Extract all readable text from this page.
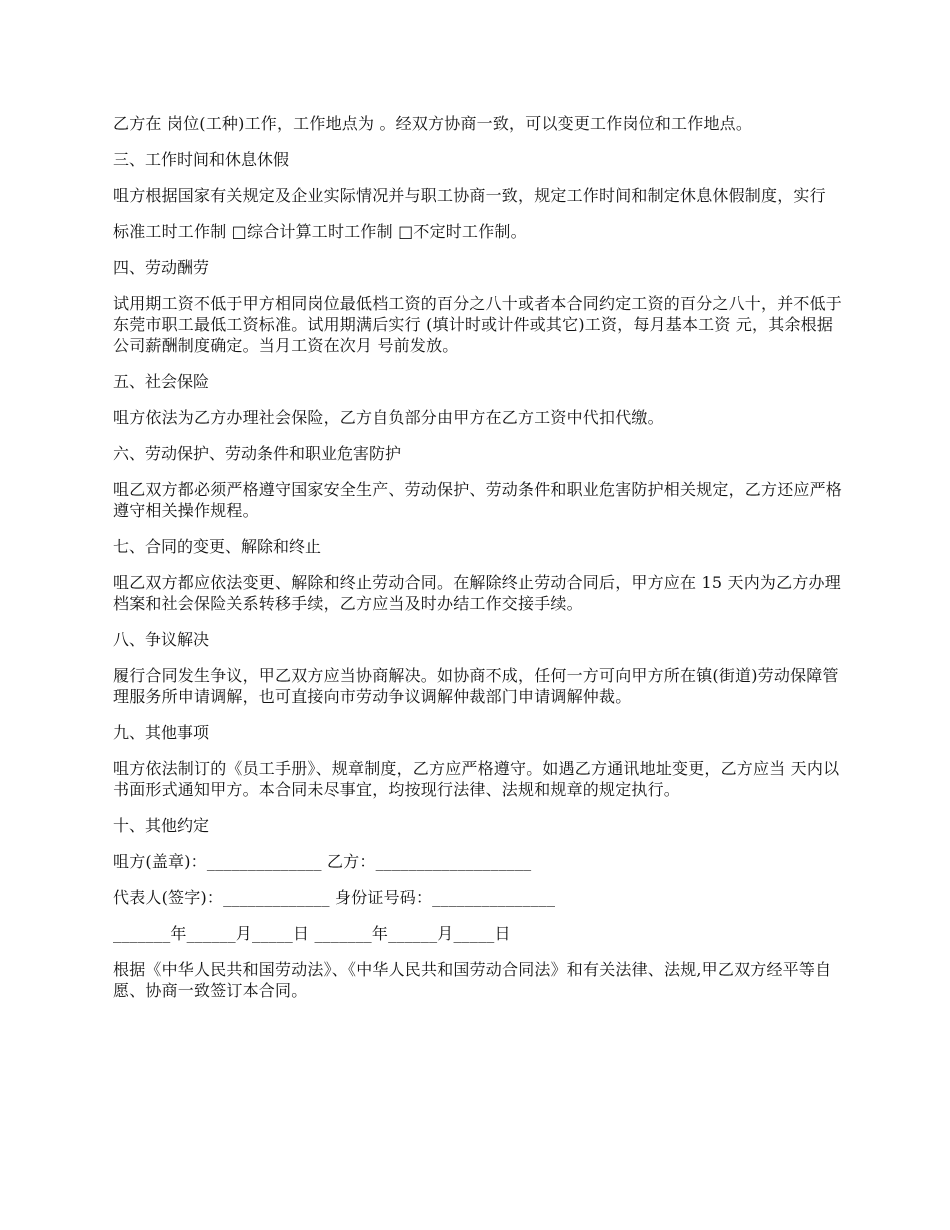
乙方在 岗位(工种)工作，工作地点为 。经双方协商一致，可以变更工作岗位和工作地点。

三、工作时间和休息休假

咀方根据国家有关规定及企业实际情况并与职工协商一致，规定工作时间和制定休息休假制度，实行

标准工时工作制 □综合计算工时工作制 □不定时工作制。

四、劳动酬劳

试用期工资不低于甲方相同岗位最低档工资的百分之八十或者本合同约定工资的百分之八十，并不低于东莞市职工最低工资标准。试用期满后实行 (填计时或计件或其它)工资，每月基本工资 元，其余根据公司薪酬制度确定。当月工资在次月 号前发放。

五、社会保险

咀方依法为乙方办理社会保险，乙方自负部分由甲方在乙方工资中代扣代缴。

六、劳动保护、劳动条件和职业危害防护

咀乙双方都必须严格遵守国家安全生产、劳动保护、劳动条件和职业危害防护相关规定，乙方还应严格遵守相关操作规程。

七、合同的变更、解除和终止

咀乙双方都应依法变更、解除和终止劳动合同。在解除终止劳动合同后，甲方应在 15 天内为乙方办理档案和社会保险关系转移手续，乙方应当及时办结工作交接手续。

八、争议解决

履行合同发生争议，甲乙双方应当协商解决。如协商不成，任何一方可向甲方所在镇(街道)劳动保障管理服务所申请调解，也可直接向市劳动争议调解仲裁部门申请调解仲裁。

九、其他事项

咀方依法制订的《员工手册》、规章制度，乙方应严格遵守。如遇乙方通讯地址变更，乙方应当 天内以书面形式通知甲方。本合同未尽事宜，均按现行法律、法规和规章的规定执行。

十、其他约定

咀方(盖章)：______________ 乙方：___________________

代表人(签字)：_____________ 身份证号码：_______________

_______年______月_____日 _______年______月_____日

根据《中华人民共和国劳动法》、《中华人民共和国劳动合同法》和有关法律、法规,甲乙双方经平等自愿、协商一致签订本合同。
